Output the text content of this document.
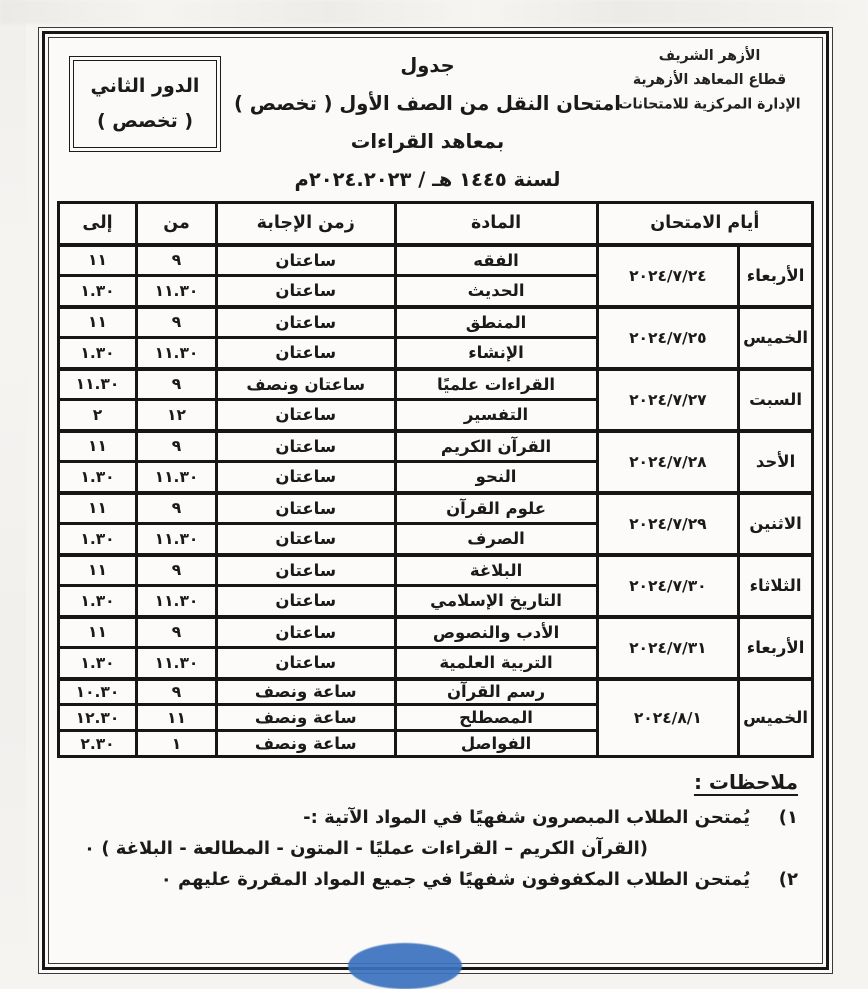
الأزهر الشريف
قطاع المعاهد الأزهرية
الإدارة المركزية للامتحانات
الدور الثاني
( تخصص )
جدول
امتحان النقل من الصف الأول ( تخصص )
بمعاهد القراءات
لسنة ١٤٤٥ هـ / ٢٠٢٤.٢٠٢٣م
أيام الامتحان		المادة	زمن الإجابة	من	إلى
الأربعاء	٢٠٢٤/٧/٢٤	الفقه	ساعتان	٩	١١
		الحديث	ساعتان	١١.٣٠	١.٣٠
الخميس	٢٠٢٤/٧/٢٥	المنطق	ساعتان	٩	١١
		الإنشاء	ساعتان	١١.٣٠	١.٣٠
السبت	٢٠٢٤/٧/٢٧	القراءات علميًا	ساعتان ونصف	٩	١١.٣٠
		التفسير	ساعتان	١٢	٢
الأحد	٢٠٢٤/٧/٢٨	القرآن الكريم	ساعتان	٩	١١
		النحو	ساعتان	١١.٣٠	١.٣٠
الاثنين	٢٠٢٤/٧/٢٩	علوم القرآن	ساعتان	٩	١١
		الصرف	ساعتان	١١.٣٠	١.٣٠
الثلاثاء	٢٠٢٤/٧/٣٠	البلاغة	ساعتان	٩	١١
		التاريخ الإسلامي	ساعتان	١١.٣٠	١.٣٠
الأربعاء	٢٠٢٤/٧/٣١	الأدب والنصوص	ساعتان	٩	١١
		التربية العلمية	ساعتان	١١.٣٠	١.٣٠
الخميس	٢٠٢٤/٨/١	رسم القرآن	ساعة ونصف	٩	١٠.٣٠
		المصطلح	ساعة ونصف	١١	١٢.٣٠
		الفواصل	ساعة ونصف	١	٢.٣٠
ملاحظات :
١)
يُمتحن الطلاب المبصرون شفهيًا في المواد الآتية :-
(القرآن الكريم – القراءات عمليًا - المتون - المطالعة - البلاغة ) ٠
٢)
يُمتحن الطلاب المكفوفون شفهيًا في جميع المواد المقررة عليهم ٠
